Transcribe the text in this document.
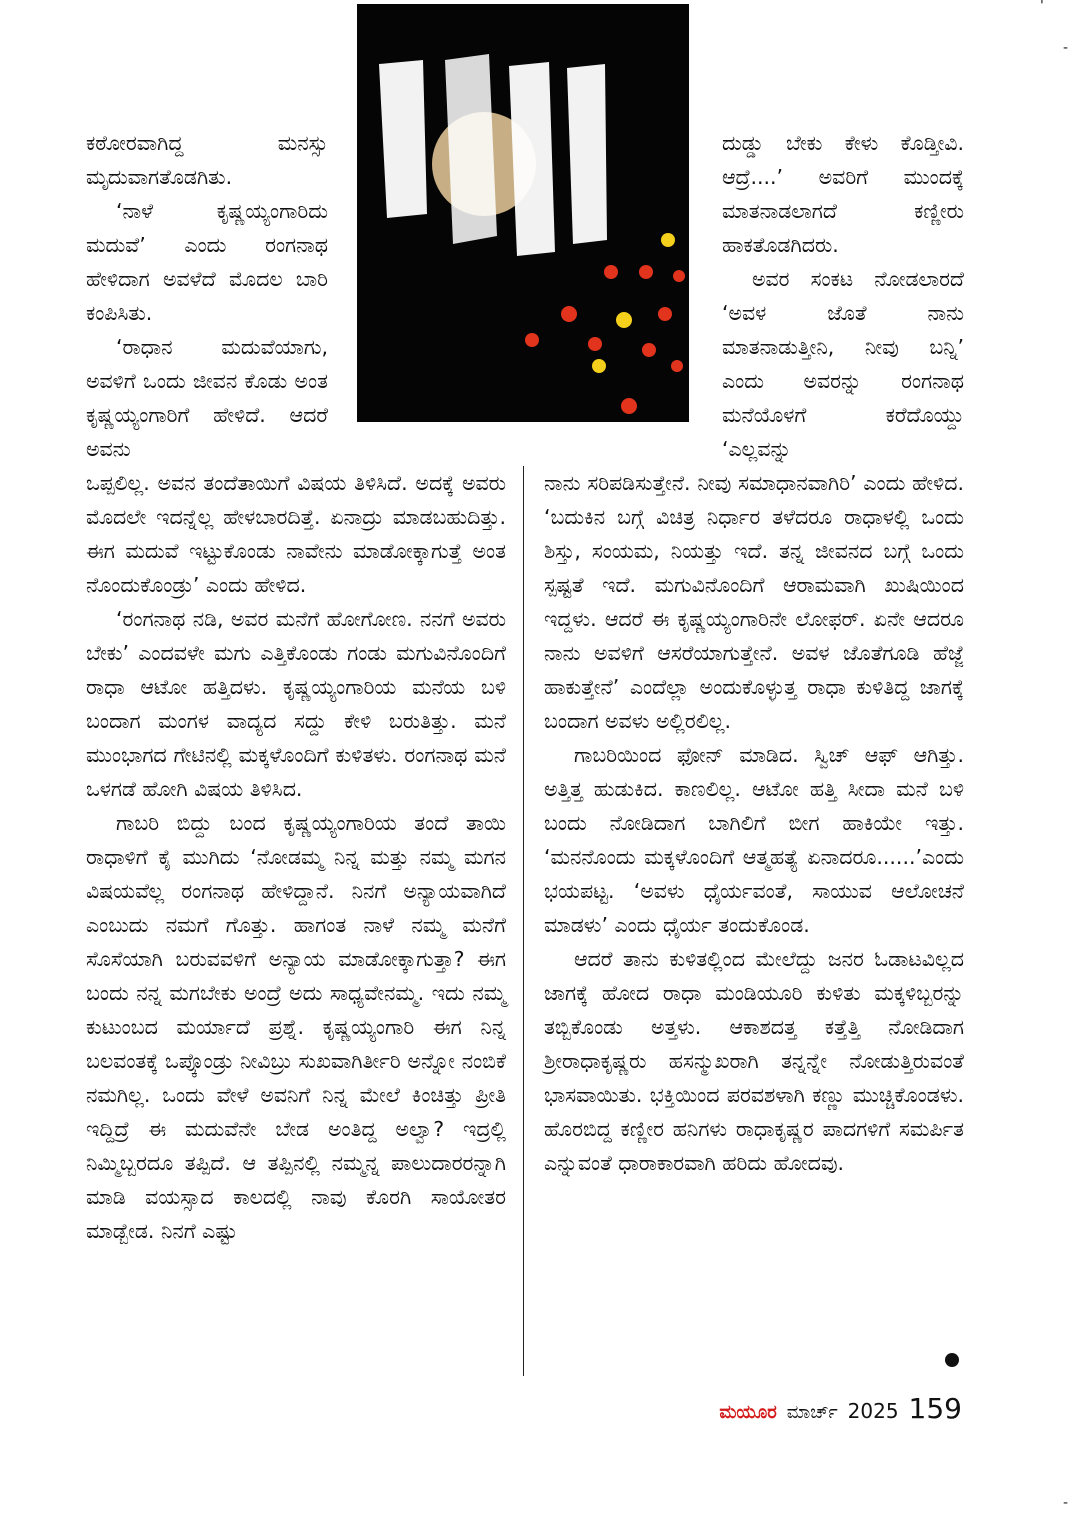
'
-
-

ಕಠೋರವಾಗಿದ್ದ ಮನಸ್ಸು ಮೃದುವಾಗತೊಡಗಿತು.

‘ನಾಳೆ ಕೃಷ್ಣಯ್ಯಂಗಾರಿದು ಮದುವೆ’ ಎಂದು ರಂಗನಾಥ ಹೇಳಿದಾಗ ಅವಳೆದೆ ಮೊದಲ ಬಾರಿ ಕಂಪಿಸಿತು.

‘ರಾಧಾನ ಮದುವೆಯಾಗು, ಅವಳಿಗೆ ಒಂದು ಜೀವನ ಕೊಡು ಅಂತ ಕೃಷ್ಣಯ್ಯಂಗಾರಿಗೆ ಹೇಳಿದೆ. ಆದರೆ ಅವನು

ಒಪ್ಪಲಿಲ್ಲ. ಅವನ ತಂದೆತಾಯಿಗೆ ವಿಷಯ ತಿಳಿಸಿದೆ. ಅದಕ್ಕೆ ಅವರು ಮೊದಲೇ ಇದನ್ನೆಲ್ಲ ಹೇಳಬಾರದಿತ್ತೆ. ಏನಾದ್ರು ಮಾಡಬಹುದಿತ್ತು. ಈಗ ಮದುವೆ ಇಟ್ಟುಕೊಂಡು ನಾವೇನು ಮಾಡೋಕ್ಕಾಗುತ್ತೆ ಅಂತ ನೊಂದುಕೊಂಡ್ರು’ ಎಂದು ಹೇಳಿದ.

‘ರಂಗನಾಥ ನಡಿ, ಅವರ ಮನೆಗೆ ಹೋಗೋಣ. ನನಗೆ ಅವರು ಬೇಕು’ ಎಂದವಳೇ ಮಗು ಎತ್ತಿಕೊಂಡು ಗಂಡು ಮಗುವಿನೊಂದಿಗೆ ರಾಧಾ ಆಟೋ ಹತ್ತಿದಳು. ಕೃಷ್ಣಯ್ಯಂಗಾರಿಯ ಮನೆಯ ಬಳಿ ಬಂದಾಗ ಮಂಗಳ ವಾದ್ಯದ ಸದ್ದು ಕೇಳಿ ಬರುತಿತ್ತು. ಮನೆ ಮುಂಭಾಗದ ಗೇಟಿನಲ್ಲಿ ಮಕ್ಕಳೊಂದಿಗೆ ಕುಳಿತಳು. ರಂಗನಾಥ ಮನೆ ಒಳಗಡೆ ಹೋಗಿ ವಿಷಯ ತಿಳಿಸಿದ.

ಗಾಬರಿ ಬಿದ್ದು ಬಂದ ಕೃಷ್ಣಯ್ಯಂಗಾರಿಯ ತಂದೆ ತಾಯಿ ರಾಧಾಳಿಗೆ ಕೈ ಮುಗಿದು ‘ನೋಡಮ್ಮ ನಿನ್ನ ಮತ್ತು ನಮ್ಮ ಮಗನ ವಿಷಯವೆಲ್ಲ ರಂಗನಾಥ ಹೇಳಿದ್ದಾನೆ. ನಿನಗೆ ಅನ್ಯಾಯವಾಗಿದೆ ಎಂಬುದು ನಮಗೆ ಗೊತ್ತು. ಹಾಗಂತ ನಾಳೆ ನಮ್ಮ ಮನೆಗೆ ಸೊಸೆಯಾಗಿ ಬರುವವಳಿಗೆ ಅನ್ಯಾಯ ಮಾಡೋಕ್ಕಾಗುತ್ತಾ? ಈಗ ಬಂದು ನನ್ನ ಮಗಬೇಕು ಅಂದ್ರೆ ಅದು ಸಾಧ್ಯವೇನಮ್ಮ. ಇದು ನಮ್ಮ ಕುಟುಂಬದ ಮರ್ಯಾದೆ ಪ್ರಶ್ನೆ. ಕೃಷ್ಣಯ್ಯಂಗಾರಿ ಈಗ ನಿನ್ನ ಬಲವಂತಕ್ಕೆ ಒಪ್ಕೊಂಡ್ರು ನೀವಿಬ್ರು ಸುಖವಾಗಿರ್ತೀರಿ ಅನ್ನೋ ನಂಬಿಕೆ ನಮಗಿಲ್ಲ. ಒಂದು ವೇಳೆ ಅವನಿಗೆ ನಿನ್ನ ಮೇಲೆ ಕಿಂಚಿತ್ತು ಪ್ರೀತಿ ಇದ್ದಿದ್ರೆ ಈ ಮದುವೆನೇ ಬೇಡ ಅಂತಿದ್ದ ಅಲ್ವಾ? ಇದ್ರಲ್ಲಿ ನಿಮ್ಮಿಬ್ಬರದೂ ತಪ್ಪಿದೆ. ಆ ತಪ್ಪಿನಲ್ಲಿ ನಮ್ಮನ್ನ ಪಾಲುದಾರರನ್ನಾಗಿ ಮಾಡಿ ವಯಸ್ಸಾದ ಕಾಲದಲ್ಲಿ ನಾವು ಕೊರಗಿ ಸಾಯೋತರ ಮಾಡ್ಬೇಡ. ನಿನಗೆ ಎಷ್ಟು

ದುಡ್ಡು ಬೇಕು ಕೇಳು ಕೊಡ್ತೀವಿ. ಆದ್ರೆ....’ ಅವರಿಗೆ ಮುಂದಕ್ಕೆ ಮಾತನಾಡಲಾಗದೆ ಕಣ್ಣೀರು ಹಾಕತೊಡಗಿದರು.

ಅವರ ಸಂಕಟ ನೋಡಲಾರದೆ ‘ಅವಳ ಜೊತೆ ನಾನು ಮಾತನಾಡುತ್ತೀನಿ, ನೀವು ಬನ್ನಿ’ ಎಂದು ಅವರನ್ನು ರಂಗನಾಥ ಮನೆಯೊಳಗೆ ಕರೆದೊಯ್ದು ‘ಎಲ್ಲವನ್ನು

ನಾನು ಸರಿಪಡಿಸುತ್ತೇನೆ. ನೀವು ಸಮಾಧಾನವಾಗಿರಿ’ ಎಂದು ಹೇಳಿದ. ‘ಬದುಕಿನ ಬಗ್ಗೆ ವಿಚಿತ್ರ ನಿರ್ಧಾರ ತಳೆದರೂ ರಾಧಾಳಲ್ಲಿ ಒಂದು ಶಿಸ್ತು, ಸಂಯಮ, ನಿಯತ್ತು ಇದೆ. ತನ್ನ ಜೀವನದ ಬಗ್ಗೆ ಒಂದು ಸ್ಪಷ್ಟತೆ ಇದೆ. ಮಗುವಿನೊಂದಿಗೆ ಆರಾಮವಾಗಿ ಖುಷಿಯಿಂದ ಇದ್ದಳು. ಆದರೆ ಈ ಕೃಷ್ಣಯ್ಯಂಗಾರಿನೇ ಲೋಫರ್. ಏನೇ ಆದರೂ ನಾನು ಅವಳಿಗೆ ಆಸರೆಯಾಗುತ್ತೇನೆ. ಅವಳ ಜೊತೆಗೂಡಿ ಹೆಜ್ಜೆ ಹಾಕುತ್ತೇನೆ’ ಎಂದೆಲ್ಲಾ ಅಂದುಕೊಳ್ಳುತ್ತ ರಾಧಾ ಕುಳಿತಿದ್ದ ಜಾಗಕ್ಕೆ ಬಂದಾಗ ಅವಳು ಅಲ್ಲಿರಲಿಲ್ಲ.

ಗಾಬರಿಯಿಂದ ಫೋನ್ ಮಾಡಿದ. ಸ್ವಿಚ್ ಆಫ್ ಆಗಿತ್ತು. ಅತ್ತಿತ್ತ ಹುಡುಕಿದ. ಕಾಣಲಿಲ್ಲ. ಆಟೋ ಹತ್ತಿ ಸೀದಾ ಮನೆ ಬಳಿ ಬಂದು ನೋಡಿದಾಗ ಬಾಗಿಲಿಗೆ ಬೀಗ ಹಾಕಿಯೇ ಇತ್ತು. ‘ಮನನೊಂದು ಮಕ್ಕಳೊಂದಿಗೆ ಆತ್ಮಹತ್ಯೆ ಏನಾದರೂ......’ಎಂದು ಭಯಪಟ್ಟ. ‘ಅವಳು ಧೈರ್ಯವಂತೆ, ಸಾಯುವ ಆಲೋಚನೆ ಮಾಡಳು’ ಎಂದು ಧೈರ್ಯ ತಂದುಕೊಂಡ.

ಆದರೆ ತಾನು ಕುಳಿತಲ್ಲಿಂದ ಮೇಲೆದ್ದು ಜನರ ಓಡಾಟವಿಲ್ಲದ ಜಾಗಕ್ಕೆ ಹೋದ ರಾಧಾ ಮಂಡಿಯೂರಿ ಕುಳಿತು ಮಕ್ಕಳಿಬ್ಬರನ್ನು ತಬ್ಬಿಕೊಂಡು ಅತ್ತಳು. ಆಕಾಶದತ್ತ ಕತ್ತೆತ್ತಿ ನೋಡಿದಾಗ ಶ್ರೀರಾಧಾಕೃಷ್ಣರು ಹಸನ್ಮುಖರಾಗಿ ತನ್ನನ್ನೇ ನೋಡುತ್ತಿರುವಂತೆ ಭಾಸವಾಯಿತು. ಭಕ್ತಿಯಿಂದ ಪರವಶಳಾಗಿ ಕಣ್ಣು ಮುಚ್ಚಿಕೊಂಡಳು. ಹೊರಬಿದ್ದ ಕಣ್ಣೀರ ಹನಿಗಳು ರಾಧಾಕೃಷ್ಣರ ಪಾದಗಳಿಗೆ ಸಮರ್ಪಿತ ಎನ್ನುವಂತೆ ಧಾರಾಕಾರವಾಗಿ ಹರಿದು ಹೋದವು.

ಮಯೂರ ಮಾರ್ಚ್ 2025 159
